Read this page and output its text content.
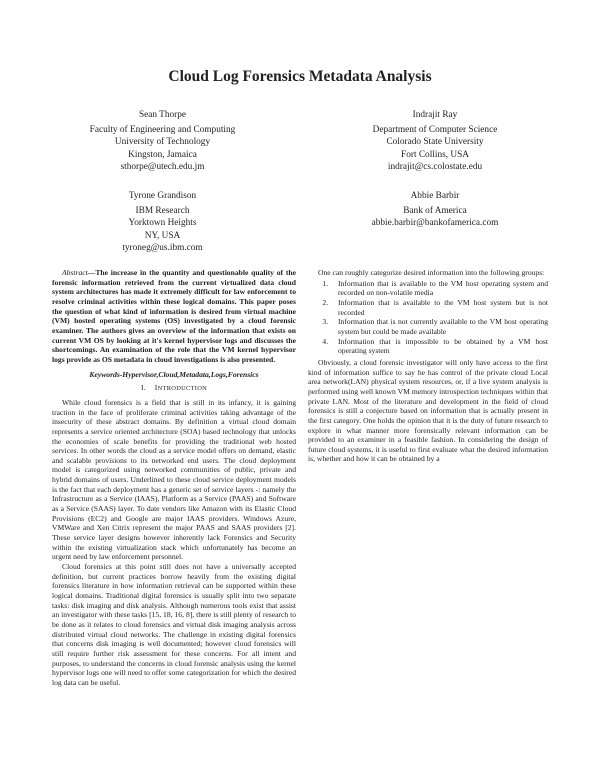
Cloud Log Forensics Metadata Analysis
Sean Thorpe
Faculty of Engineering and Computing
University of Technology
Kingston, Jamaica
sthorpe@utech.edu.jm
Indrajit Ray
Department of Computer Science
Colorado State University
Fort Collins, USA
indrajit@cs.colostate.edu
Tyrone Grandison
IBM Research
Yorktown Heights
NY, USA
tyroneg@us.ibm.com
Abbie Barbir
Bank of America
abbie.barbir@bankofamerica.com

Abstract—The increase in the quantity and questionable quality of the forensic information retrieved from the current virtualized data cloud system architectures has made it extremely difficult for law enforcement to resolve criminal activities within these logical domains. This paper poses the question of what kind of information is desired from virtual machine (VM) hosted operating systems (OS) investigated by a cloud forensic examiner. The authors gives an overview of the information that exists on current VM OS by looking at it's kernel hypervisor logs and discusses the shortcomings. An examination of the role that the VM kernel hypervisor logs provide as OS metadata in cloud investigations is also presented.

Keywords-Hypervisor,Cloud,Metadata,Logs,Forensics

I. INTRODUCTION

While cloud forensics is a field that is still in its infancy, it is gaining traction in the face of proliferate criminal activities taking advantage of the insecurity of these abstract domains. By definition a virtual cloud domain represents a service oriented architecture (SOA) based technology that unlocks the economies of scale benefits for providing the traditional web hosted services. In other words the cloud as a service model offers on demand, elastic and scalable provisions to its networked end users. The cloud deployment model is categorized using networked communities of public, private and hybrid domains of users. Underlined to these cloud service deployment models is the fact that each deployment has a generic set of service layers -: namely the Infrastructure as a Service (IAAS), Platform as a Service (PAAS) and Software as a Service (SAAS) layer. To date vendors like Amazon with its Elastic Cloud Provisions (EC2) and Google are major IAAS providers. Windows Azure, VMWare and Xen Citrix represent the major PAAS and SAAS providers [2]. These service layer designs however inherently lack Forensics and Security within the existing virtualization stack which unfortunately has become an urgent need by law enforcement personnel.

Cloud forensics at this point still does not have a universally accepted definition, but current practices borrow heavily from the existing digital forensics literature in how information retrieval can be supported within these logical domains. Traditional digital forensics is usually split into two separate tasks: disk imaging and disk analysis. Although numerous tools exist that assist an investigator with these tasks [15, 18, 16, 8], there is still plenty of research to be done as it relates to cloud forensics and virtual disk imaging analysis across distributed virtual cloud networks. The challenge in existing digital forensics that concerns disk imaging is well documented; however cloud forensics will still require further risk assessment for these concerns. For all intent and purposes, to understand the concerns in cloud forensic analysis using the kernel hypervisor logs one will need to offer some categorization for which the desired log data can be useful.

One can roughly categorize desired information into the following groups:

1. Information that is available to the VM host operating system and recorded on non-volatile media
2. Information that is available to the VM host system but is not recorded
3. Information that is not currently available to the VM host operating system but could be made available
4. Information that is impossible to be obtained by a VM host operating system

Obviously, a cloud forensic investigator will only have access to the first kind of information suffice to say he has control of the private cloud Local area network(LAN) physical system resources, or, if a live system analysis is performed using well known VM memory introspection techniques within that private LAN. Most of the literature and development in the field of cloud forensics is still a conjecture based on information that is actually present in the first category. One holds the opinion that it is the duty of future research to explore in what manner more forensically relevant information can be provided to an examiner in a feasible fashion. In considering the design of future cloud systems, it is useful to first evaluate what the desired information is, whether and how it can be obtained by a
